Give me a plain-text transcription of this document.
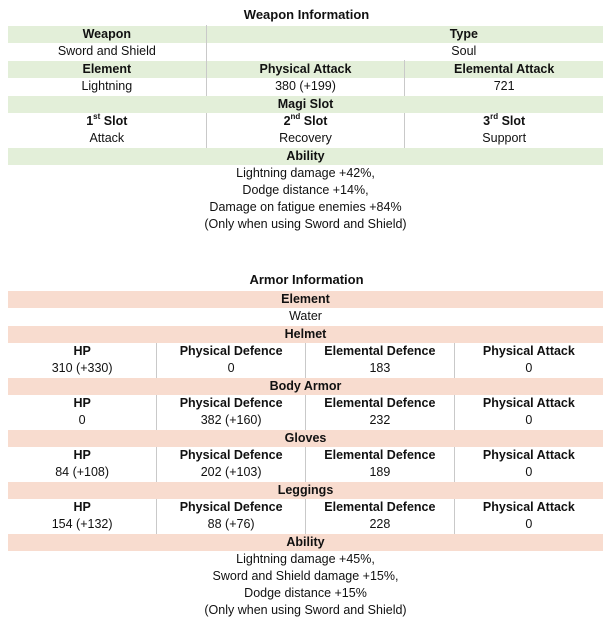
Weapon Information
Weapon	Type	
Sword and Shield	Soul	
Element	Physical Attack	Elemental Attack
Lightning	380 (+199)	721
Magi Slot		
1st Slot	2nd Slot	3rd Slot
Attack	Recovery	Support
Ability		
Lightning damage +42%,		
Dodge distance +14%,		
Damage on fatigue enemies +84%		
(Only when using Sword and Shield)		
Armor Information
Element			
Water			
Helmet			
HP	Physical Defence	Elemental Defence	Physical Attack
310 (+330)	0	183	0
Body Armor			
HP	Physical Defence	Elemental Defence	Physical Attack
0	382 (+160)	232	0
Gloves			
HP	Physical Defence	Elemental Defence	Physical Attack
84 (+108)	202 (+103)	189	0
Leggings			
HP	Physical Defence	Elemental Defence	Physical Attack
154 (+132)	88 (+76)	228	0
Ability			
Lightning damage +45%,			
Sword and Shield damage +15%,			
Dodge distance +15%			
(Only when using Sword and Shield)			
